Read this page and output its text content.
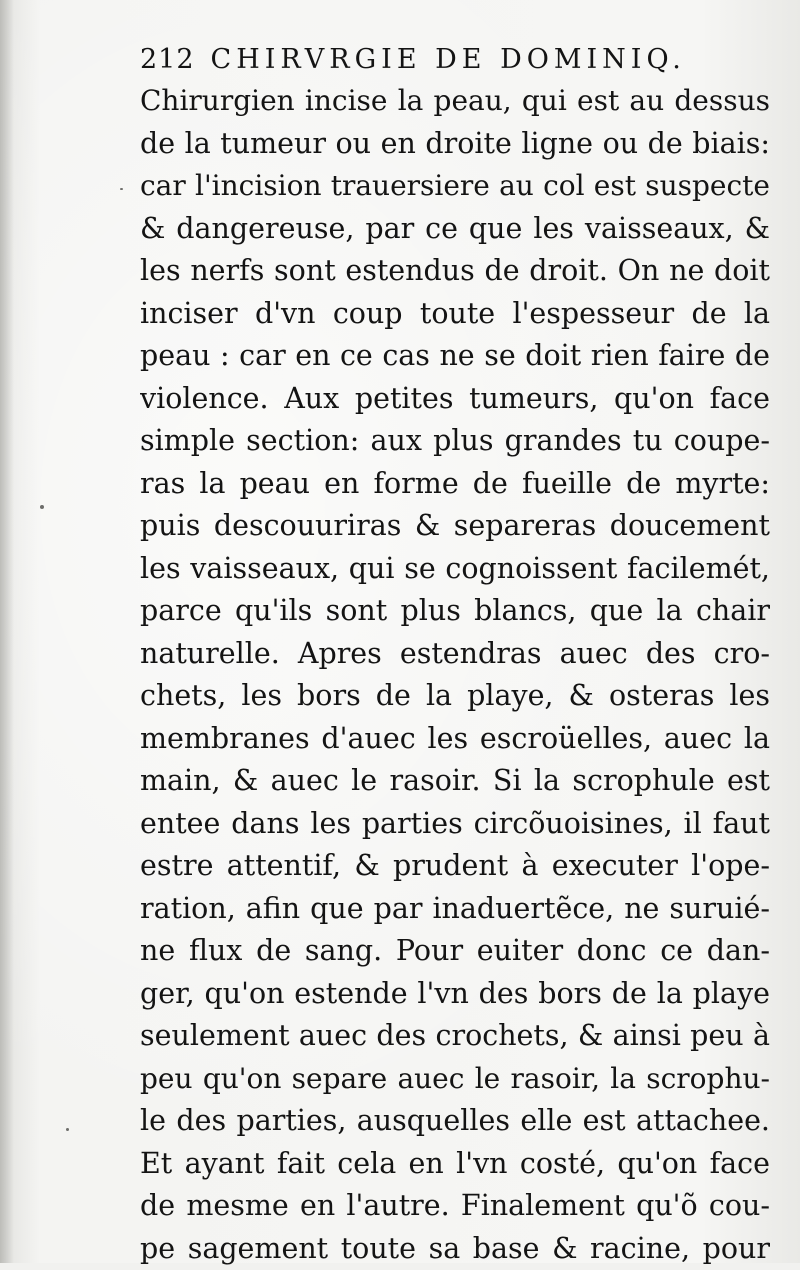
212 CHIRVRGIE DE DOMINIQ.
Chirurgien incise la peau, qui est au dessus
de la tumeur ou en droite ligne ou de biais:
car l'incision trauersiere au col est suspecte
& dangereuse, par ce que les vaisseaux, &
les nerfs sont estendus de droit. On ne doit
inciser d'vn coup toute l'espesseur de la
peau : car en ce cas ne se doit rien faire de
violence. Aux petites tumeurs, qu'on face
simple section: aux plus grandes tu coupe-
ras la peau en forme de fueille de myrte:
puis descouuriras & separeras doucement
les vaisseaux, qui se cognoissent facilemét,
parce qu'ils sont plus blancs, que la chair
naturelle. Apres estendras auec des cro-
chets, les bors de la playe, & osteras les
membranes d'auec les escroüelles, auec la
main, & auec le rasoir. Si la scrophule est
entee dans les parties circõuoisines, il faut
estre attentif, & prudent à executer l'ope-
ration, afin que par inaduertẽce, ne suruié-
ne flux de sang. Pour euiter donc ce dan-
ger, qu'on estende l'vn des bors de la playe
seulement auec des crochets, & ainsi peu à
peu qu'on separe auec le rasoir, la scrophu-
le des parties, ausquelles elle est attachee.
Et ayant fait cela en l'vn costé, qu'on face
de mesme en l'autre. Finalement qu'õ cou-
pe sagement toute sa base & racine, pour
